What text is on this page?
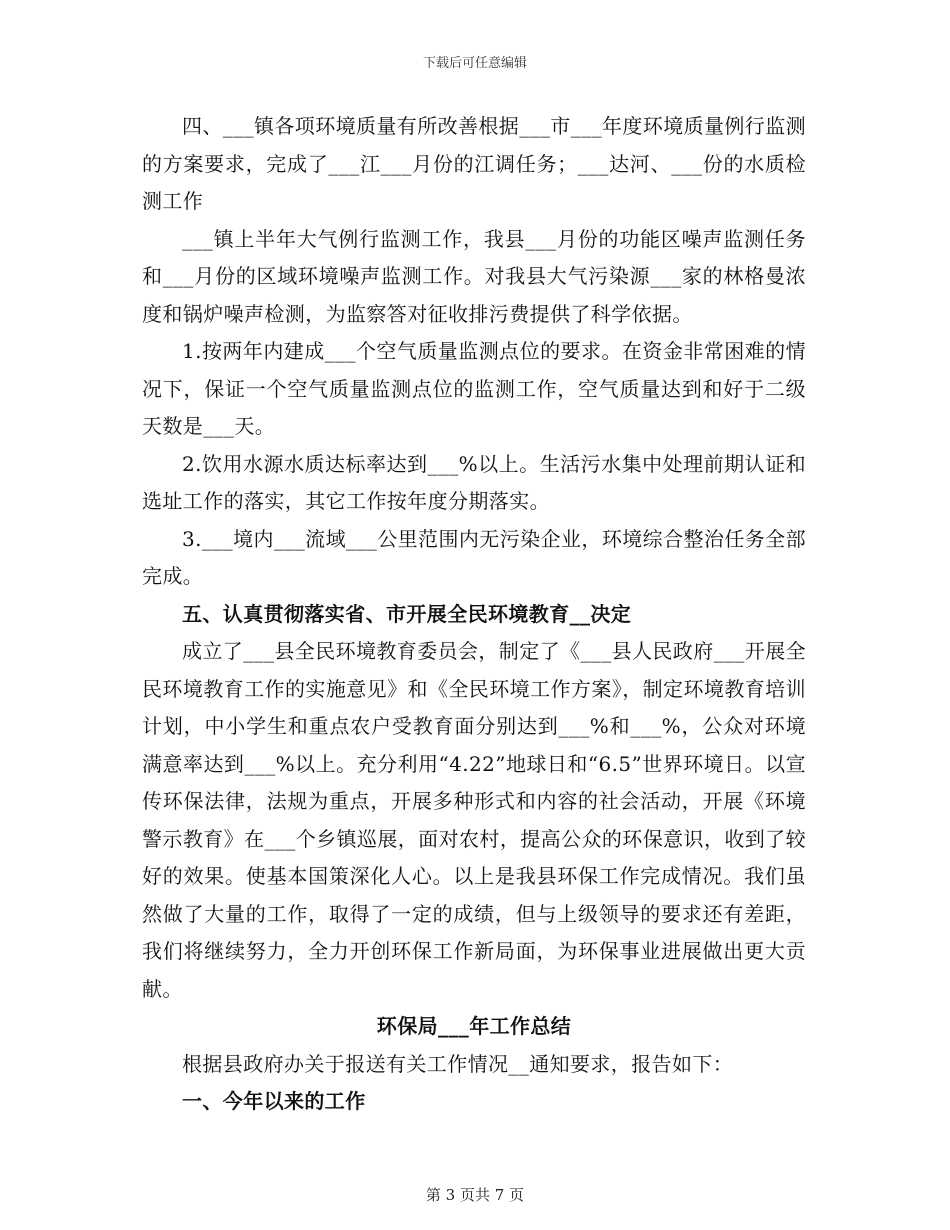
下载后可任意编辑

四、___镇各项环境质量有所改善根据___市___年度环境质量例行监测的方案要求，完成了___江___月份的江调任务；___达河、___份的水质检测工作

___镇上半年大气例行监测工作，我县___月份的功能区噪声监测任务和___月份的区域环境噪声监测工作。对我县大气污染源___家的林格曼浓度和锅炉噪声检测，为监察答对征收排污费提供了科学依据。

1.按两年内建成___个空气质量监测点位的要求。在资金非常困难的情况下，保证一个空气质量监测点位的监测工作，空气质量达到和好于二级天数是___天。

2.饮用水源水质达标率达到___%以上。生活污水集中处理前期认证和选址工作的落实，其它工作按年度分期落实。

3.___境内___流域___公里范围内无污染企业，环境综合整治任务全部完成。

五、认真贯彻落实省、市开展全民环境教育__决定

成立了___县全民环境教育委员会，制定了《___县人民政府___开展全民环境教育工作的实施意见》和《全民环境工作方案》，制定环境教育培训计划，中小学生和重点农户受教育面分别达到___%和___%，公众对环境满意率达到___%以上。充分利用“4.22”地球日和“6.5”世界环境日。以宣传环保法律，法规为重点，开展多种形式和内容的社会活动，开展《环境警示教育》在___个乡镇巡展，面对农村，提高公众的环保意识，收到了较好的效果。使基本国策深化人心。以上是我县环保工作完成情况。我们虽然做了大量的工作，取得了一定的成绩，但与上级领导的要求还有差距，我们将继续努力，全力开创环保工作新局面，为环保事业进展做出更大贡献。

环保局___年工作总结

根据县政府办关于报送有关工作情况__通知要求，报告如下：

一、今年以来的工作

第 3 页共 7 页
